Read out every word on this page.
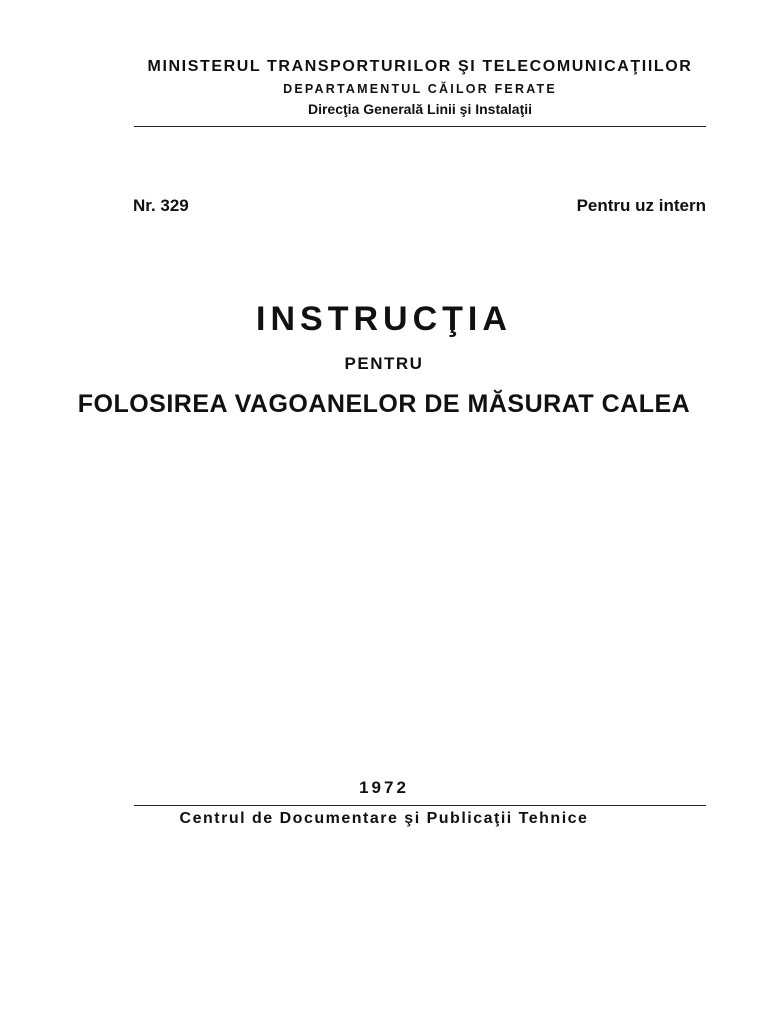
MINISTERUL TRANSPORTURILOR ŞI TELECOMUNICAŢIILOR
DEPARTAMENTUL CĂILOR FERATE
Direcţia Generală Linii şi Instalaţii
Nr. 329	Pentru uz intern
INSTRUCŢIA
PENTRU
FOLOSIREA VAGOANELOR DE MĂSURAT CALEA
1972
Centrul de Documentare şi Publicaţii Tehnice
